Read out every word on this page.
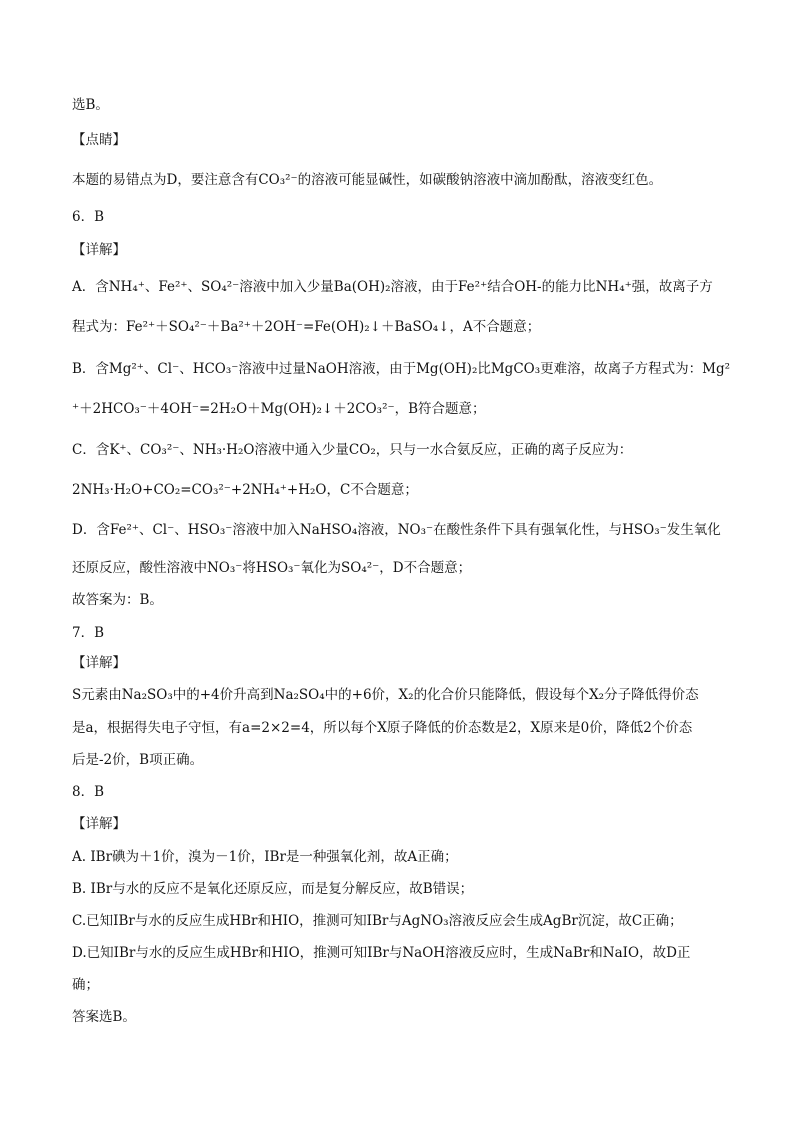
选B。
【点睛】
本题的易错点为D，要注意含有CO₃²⁻的溶液可能显碱性，如碳酸钠溶液中滴加酚酞，溶液变红色。
6．B
【详解】
A．含NH₄⁺、Fe²⁺、SO₄²⁻溶液中加入少量Ba(OH)₂溶液，由于Fe²⁺结合OH-的能力比NH₄⁺强，故离子方
程式为：Fe²⁺＋SO₄²⁻＋Ba²⁺＋2OH⁻=Fe(OH)₂↓＋BaSO₄↓，A不合题意；
B．含Mg²⁺、Cl⁻、HCO₃⁻溶液中过量NaOH溶液，由于Mg(OH)₂比MgCO₃更难溶，故离子方程式为：Mg²
⁺＋2HCO₃⁻＋4OH⁻=2H₂O＋Mg(OH)₂↓＋2CO₃²⁻，B符合题意；
C．含K⁺、CO₃²⁻、NH₃·H₂O溶液中通入少量CO₂，只与一水合氨反应，正确的离子反应为：
2NH₃·H₂O+CO₂=CO₃²⁻+2NH₄⁺+H₂O，C不合题意；
D．含Fe²⁺、Cl⁻、HSO₃⁻溶液中加入NaHSO₄溶液，NO₃⁻在酸性条件下具有强氧化性，与HSO₃⁻发生氧化
还原反应，酸性溶液中NO₃⁻将HSO₃⁻氧化为SO₄²⁻，D不合题意；
故答案为：B。
7．B
【详解】
S元素由Na₂SO₃中的+4价升高到Na₂SO₄中的+6价，X₂的化合价只能降低，假设每个X₂分子降低得价态
是a，根据得失电子守恒，有a=2×2=4，所以每个X原子降低的价态数是2，X原来是0价，降低2个价态
后是-2价，B项正确。
8．B
【详解】
A. IBr碘为＋1价，溴为－1价，IBr是一种强氧化剂，故A正确；
B. IBr与水的反应不是氧化还原反应，而是复分解反应，故B错误；
C.已知IBr与水的反应生成HBr和HIO，推测可知IBr与AgNO₃溶液反应会生成AgBr沉淀，故C正确；
D.已知IBr与水的反应生成HBr和HIO，推测可知IBr与NaOH溶液反应时，生成NaBr和NaIO，故D正
确；
答案选B。
